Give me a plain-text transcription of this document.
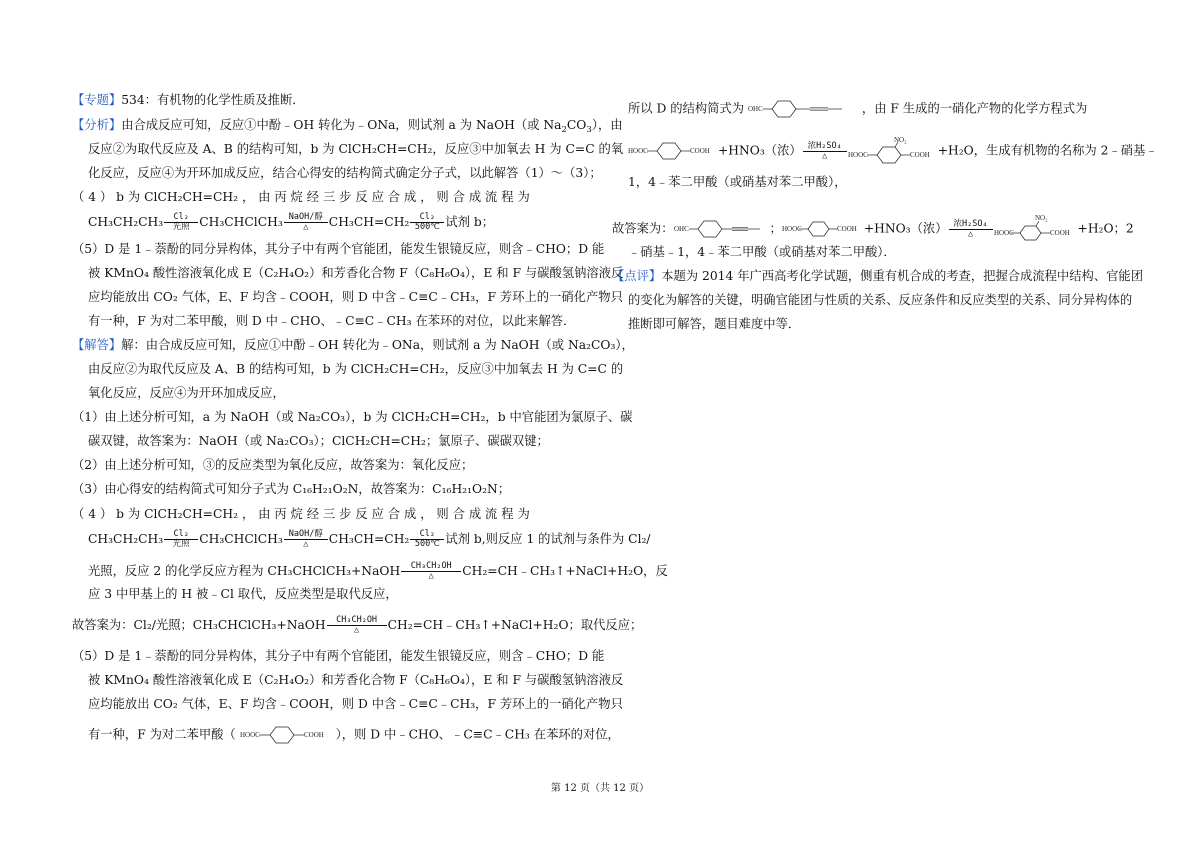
【专题】534：有机物的化学性质及推断．
【分析】由合成反应可知，反应①中酚﹣OH 转化为﹣ONa，则试剂 a 为 NaOH（或 $Na_2CO_3$），由
反应②为取代反应及 A、B 的结构可知，b 为 ClCH₂CH=CH₂，反应③中加氧去 H 为 C=C 的氧
化反应，反应④为开环加成反应，结合心得安的结构简式确定分子式，以此解答（1）～（3）；
（ 4 ） b 为 ClCH₂CH=CH₂ ， 由 丙 烷 经 三 步 反 应 合 成 ， 则 合 成 流 程 为
CH₃CH₂CH₃	Cl₂
光照 CH₃CHClCH₃ NaOH/醇
△	$CH_3CH=CH_2 \frac{\text{Cl₂}}{500℃}$ 试剂 b；
（5）D 是 1﹣萘酚的同分异构体，其分子中有两个官能团，能发生银镜反应，则含﹣CHO；D 能
被 KMnO₄ 酸性溶液氧化成 E（C₂H₄O₂）和芳香化合物 F（C₈H₆O₄），E 和 F 与碳酸氢钠溶液反
应均能放出 CO₂ 气体，E、F 均含﹣COOH，则 D 中含﹣C≡C﹣CH₃，F 芳环上的一硝化产物只
有一种，F 为对二苯甲酸，则 D 中﹣CHO、﹣C≡C﹣CH₃ 在苯环的对位，以此来解答．
【解答】解：由合成反应可知，反应①中酚﹣OH 转化为﹣ONa，则试剂 a 为 NaOH（或 Na₂CO₃），
由反应②为取代反应及 A、B 的结构可知，b 为 ClCH₂CH=CH₂，反应③中加氧去 H 为 C=C 的
氧化反应，反应④为开环加成反应，
（1）由上述分析可知，a 为 NaOH（或 Na₂CO₃），b 为 ClCH₂CH=CH₂，b 中官能团为氯原子、碳
碳双键，故答案为：NaOH（或 Na₂CO₃）；ClCH₂CH=CH₂；氯原子、碳碳双键；
（2）由上述分析可知，③的反应类型为氧化反应，故答案为：氧化反应；
（3）由心得安的结构简式可知分子式为 C₁₆H₂₁O₂N，故答案为：C₁₆H₂₁O₂N；
（ 4 ） b 为 ClCH₂CH=CH₂ ， 由 丙 烷 经 三 步 反 应 合 成 ， 则 合 成 流 程 为
CH₃CH₂CH₃	Cl₂
光照 CH₃CHClCH₃ NaOH/醇
△	$CH_3CH=CH_2 \frac{\text{Cl₂}}{500℃}$ 试剂 b,则反应 1 的试剂与条件为 Cl₂/
光照，反应 2 的化学反应方程为 CH₃CHClCH₃+NaOH	CH₃CH₂OH
△	CH₂=CH﹣CH₃↑+NaCl+H₂O，反
应 3 中甲基上的 H 被﹣Cl 取代，反应类型是取代反应，
故答案为：Cl₂/光照；CH₃CHClCH₃+NaOH	CH₃CH₂OH
△	CH₂=CH﹣CH₃↑+NaCl+H₂O；取代反应；
（5）D 是 1﹣萘酚的同分异构体，其分子中有两个官能团，能发生银镜反应，则含﹣CHO；D 能
被 KMnO₄ 酸性溶液氧化成 E（C₂H₄O₂）和芳香化合物 F（C₈H₆O₄），E 和 F 与碳酸氢钠溶液反
应均能放出 CO₂ 气体，E、F 均含﹣COOH，则 D 中含﹣C≡C﹣CH₃，F 芳环上的一硝化产物只
有一种，F 为对二苯甲酸（ HOOC	COOH ），则 D 中﹣CHO、﹣C≡C﹣CH₃ 在苯环的对位，
所以 D 的结构简式为 OHC	，由 F 生成的一硝化产物的化学方程式为
HOOC	COOH +HNO₃（浓） 浓H₂SO₄
△	HOOC
NO₂
COOH +H₂O，生成有机物的名称为 2﹣硝基﹣
1，4﹣苯二甲酸（或硝基对苯二甲酸），
故答案为： OHC	； HOOC	COOH +HNO₃（浓） 浓H₂SO₄
△	HOOC
NO₂
COOH +H₂O；2
﹣硝基﹣1，4﹣苯二甲酸（或硝基对苯二甲酸）．
【点评】本题为 2014 年广西高考化学试题，侧重有机合成的考查，把握合成流程中结构、官能团
的变化为解答的关键，明确官能团与性质的关系、反应条件和反应类型的关系、同分异构体的
推断即可解答，题目难度中等．
第 12 页（共 12 页）
